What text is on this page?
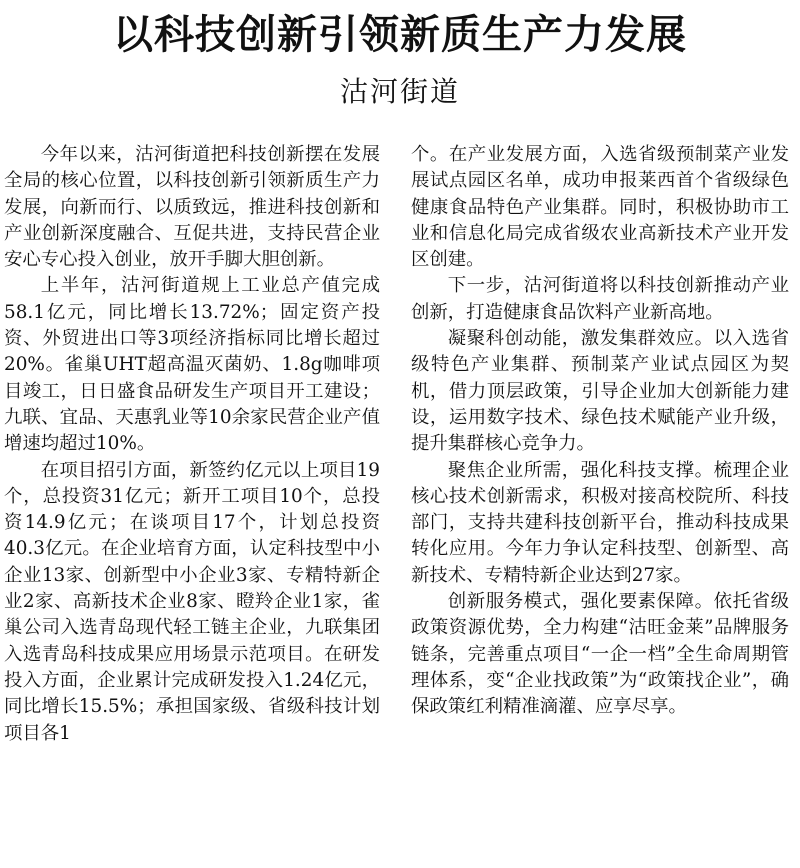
以科技创新引领新质生产力发展
沽河街道

今年以来，沽河街道把科技创新摆在发展全局的核心位置，以科技创新引领新质生产力发展，向新而行、以质致远，推进科技创新和产业创新深度融合、互促共进，支持民营企业安心专心投入创业，放开手脚大胆创新。

上半年，沽河街道规上工业总产值完成58.1亿元，同比增长13.72%；固定资产投资、外贸进出口等3项经济指标同比增长超过20%。雀巢UHT超高温灭菌奶、1.8g咖啡项目竣工，日日盛食品研发生产项目开工建设；九联、宜品、天惠乳业等10余家民营企业产值增速均超过10%。

在项目招引方面，新签约亿元以上项目19个，总投资31亿元；新开工项目10个，总投资14.9亿元；在谈项目17个，计划总投资40.3亿元。在企业培育方面，认定科技型中小企业13家、创新型中小企业3家、专精特新企业2家、高新技术企业8家、瞪羚企业1家，雀巢公司入选青岛现代轻工链主企业，九联集团入选青岛科技成果应用场景示范项目。在研发投入方面，企业累计完成研发投入1.24亿元，同比增长15.5%；承担国家级、省级科技计划项目各1

个。在产业发展方面，入选省级预制菜产业发展试点园区名单，成功申报莱西首个省级绿色健康食品特色产业集群。同时，积极协助市工业和信息化局完成省级农业高新技术产业开发区创建。

下一步，沽河街道将以科技创新推动产业创新，打造健康食品饮料产业新高地。

凝聚科创动能，激发集群效应。以入选省级特色产业集群、预制菜产业试点园区为契机，借力顶层政策，引导企业加大创新能力建设，运用数字技术、绿色技术赋能产业升级，提升集群核心竞争力。

聚焦企业所需，强化科技支撑。梳理企业核心技术创新需求，积极对接高校院所、科技部门，支持共建科技创新平台，推动科技成果转化应用。今年力争认定科技型、创新型、高新技术、专精特新企业达到27家。

创新服务模式，强化要素保障。依托省级政策资源优势，全力构建“沽旺金莱”品牌服务链条，完善重点项目“一企一档”全生命周期管理体系，变“企业找政策”为“政策找企业”，确保政策红利精准滴灌、应享尽享。
